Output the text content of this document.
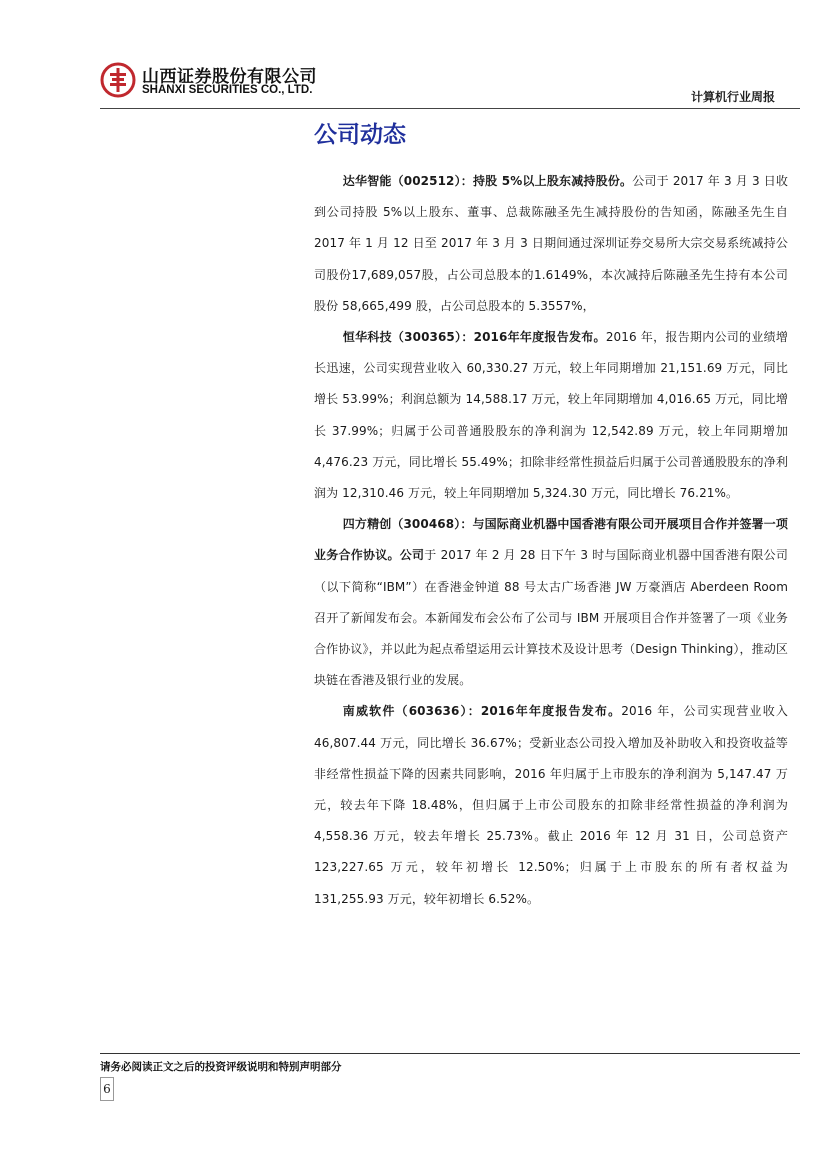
山西证券股份有限公司
SHANXI SECURITIES CO., LTD.	计算机行业周报
公司动态

达华智能（002512）：持股 5%以上股东减持股份。公司于 2017 年 3 月 3 日收到公司持股 5%以上股东、董事、总裁陈融圣先生减持股份的告知函，陈融圣先生自 2017 年 1 月 12 日至 2017 年 3 月 3 日期间通过深圳证券交易所大宗交易系统减持公司股份17,689,057股，占公司总股本的1.6149%，本次减持后陈融圣先生持有本公司股份 58,665,499 股，占公司总股本的 5.3557%，

恒华科技（300365）：2016年年度报告发布。2016 年，报告期内公司的业绩增长迅速，公司实现营业收入 60,330.27 万元，较上年同期增加 21,151.69 万元，同比增长 53.99%；利润总额为 14,588.17 万元，较上年同期增加 4,016.65 万元，同比增长 37.99%；归属于公司普通股股东的净利润为 12,542.89 万元，较上年同期增加 4,476.23 万元，同比增长 55.49%；扣除非经常性损益后归属于公司普通股股东的净利润为 12,310.46 万元，较上年同期增加 5,324.30 万元，同比增长 76.21%。

四方精创（300468）：与国际商业机器中国香港有限公司开展项目合作并签署一项业务合作协议。公司于 2017 年 2 月 28 日下午 3 时与国际商业机器中国香港有限公司（以下简称“IBM”）在香港金钟道 88 号太古广场香港 JW 万豪酒店 Aberdeen Room 召开了新闻发布会。本新闻发布会公布了公司与 IBM 开展项目合作并签署了一项《业务合作协议》，并以此为起点希望运用云计算技术及设计思考（Design Thinking），推动区块链在香港及银行业的发展。

南威软件（603636）：2016年年度报告发布。2016 年，公司实现营业收入 46,807.44 万元，同比增长 36.67%；受新业态公司投入增加及补助收入和投资收益等非经常性损益下降的因素共同影响，2016 年归属于上市股东的净利润为 5,147.47 万元，较去年下降 18.48%，但归属于上市公司股东的扣除非经常性损益的净利润为 4,558.36 万元，较去年增长 25.73%。截止 2016 年 12 月 31 日，公司总资产 123,227.65 万元，较年初增长 12.50%；归属于上市股东的所有者权益为 131,255.93 万元，较年初增长 6.52%。

请务必阅读正文之后的投资评级说明和特别声明部分

6
